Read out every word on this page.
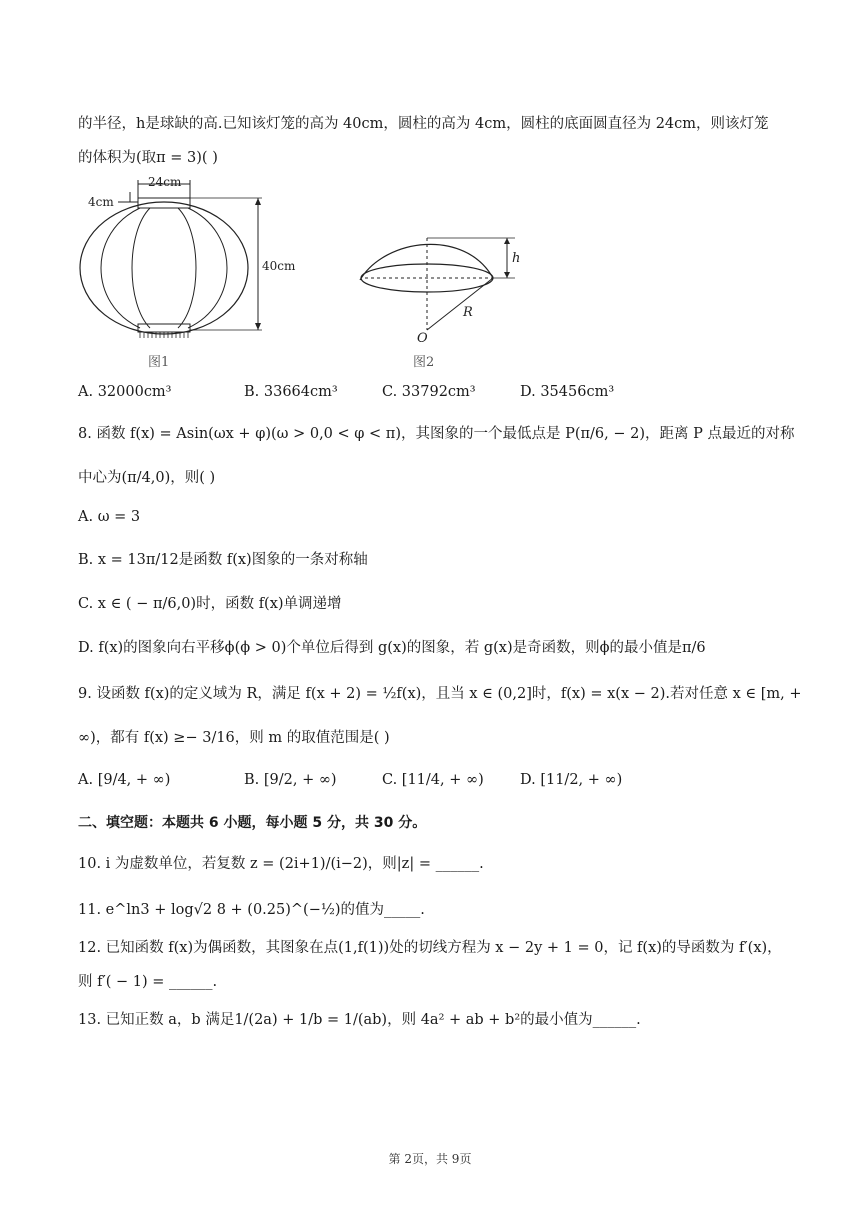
的半径，h是球缺的高.已知该灯笼的高为 40cm，圆柱的高为 4cm，圆柱的底面圆直径为 24cm，则该灯笼
的体积为(取π = 3)( )
24cm
4cm
40cm
图1
h
R
O
图2
A. 32000cm³	B. 33664cm³	C. 33792cm³	D. 35456cm³
8. 函数 f(x) = Asin(ωx + φ)(ω > 0,0 < φ < π)，其图象的一个最低点是 P(π/6, − 2)，距离 P 点最近的对称
中心为(π/4,0)，则( )
A. ω = 3
B. x = 13π/12是函数 f(x)图象的一条对称轴
C. x ∈ ( − π/6,0)时，函数 f(x)单调递增
D. f(x)的图象向右平移ϕ(ϕ > 0)个单位后得到 g(x)的图象，若 g(x)是奇函数，则ϕ的最小值是π/6
9. 设函数 f(x)的定义域为 R，满足 f(x + 2) = ½f(x)，且当 x ∈ (0,2]时，f(x) = x(x − 2).若对任意 x ∈ [m, +
∞)，都有 f(x) ≥− 3/16，则 m 的取值范围是( )
A. [9/4, + ∞)	B. [9/2, + ∞)	C. [11/4, + ∞)	D. [11/2, + ∞)
二、填空题：本题共 6 小题，每小题 5 分，共 30 分。
10. i 为虚数单位，若复数 z = (2i+1)/(i−2)，则|z| = ______.
11. e^ln3 + log√2 8 + (0.25)^(−½)的值为_____.
12. 已知函数 f(x)为偶函数，其图象在点(1,f(1))处的切线方程为 x − 2y + 1 = 0，记 f(x)的导函数为 f′(x)，
则 f′( − 1) = ______.
13. 已知正数 a，b 满足1/(2a) + 1/b = 1/(ab)，则 4a² + ab + b²的最小值为______.
第 2页，共 9页
